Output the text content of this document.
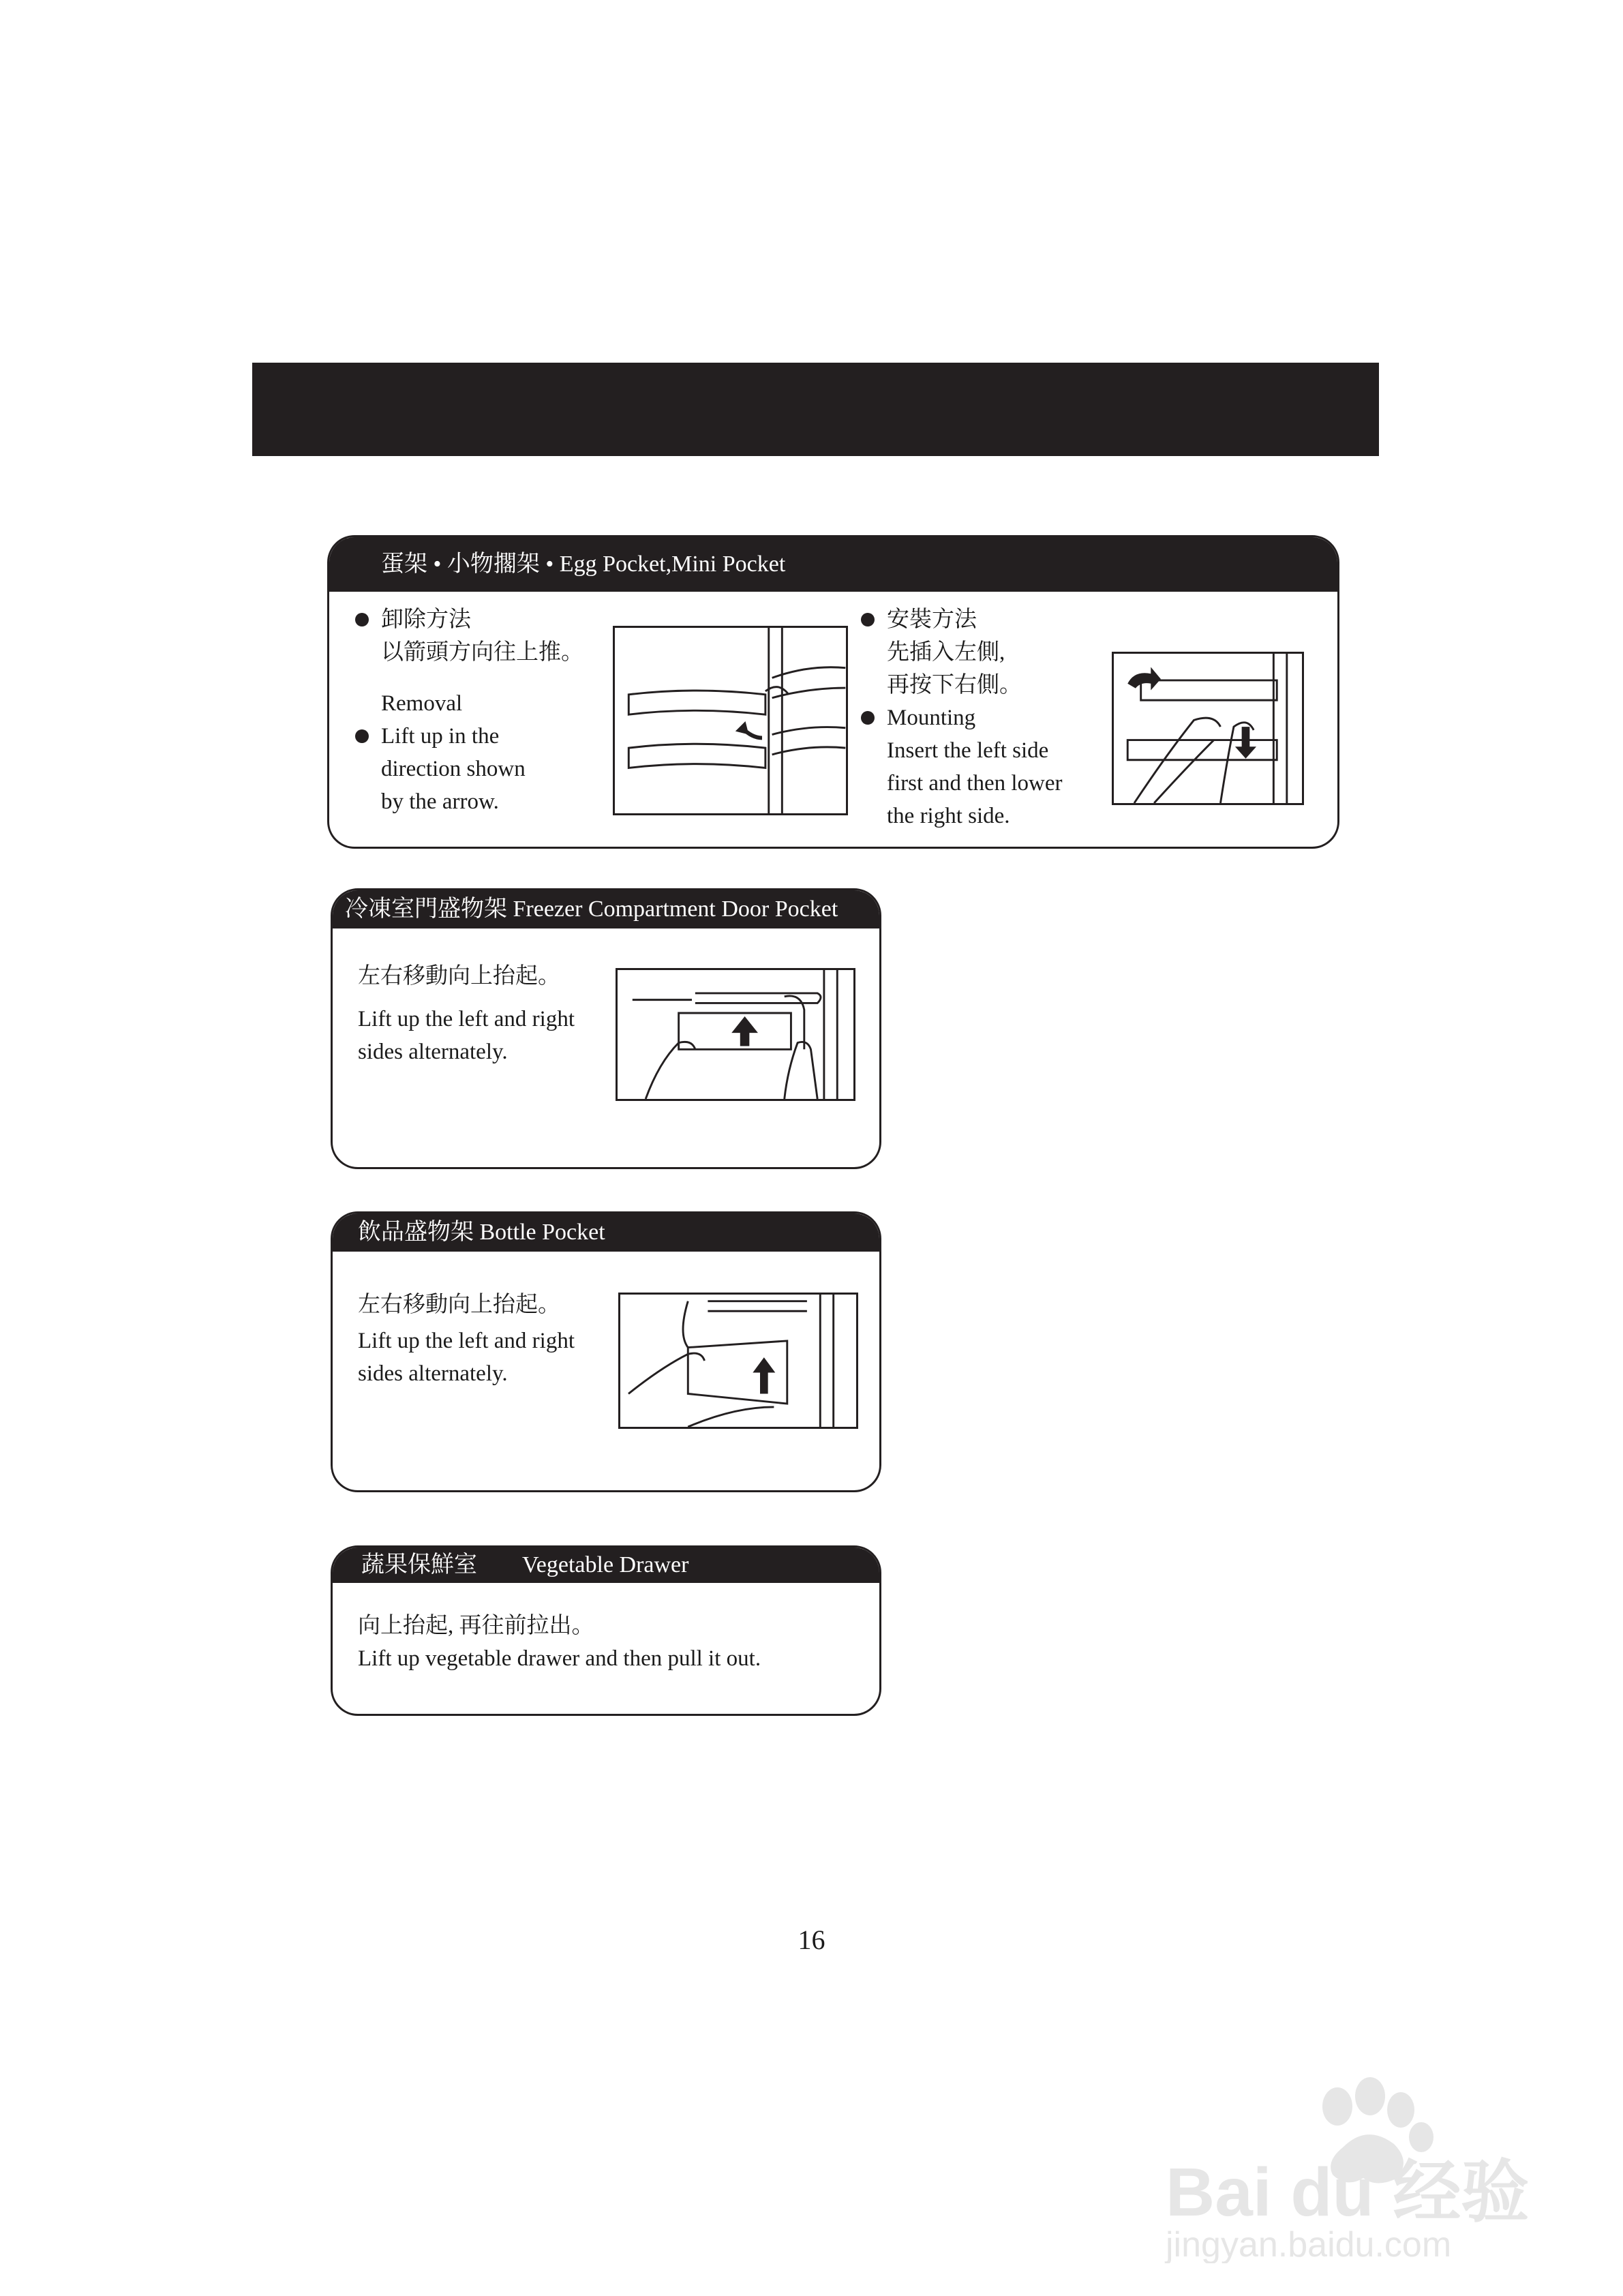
蛋架 • 小物擱架 • Egg Pocket,Mini Pocket
卸除方法
以箭頭方向往上推。
Removal
Lift up in the
direction shown
by the arrow.
安裝方法
先插入左側,
再按下右側。
Mounting
Insert the left side
first and then lower
the right side.
冷凍室門盛物架 Freezer Compartment Door Pocket
左右移動向上抬起。
Lift up the left and right
sides alternately.
飲品盛物架 Bottle Pocket
左右移動向上抬起。
Lift up the left and right
sides alternately.
蔬果保鮮室 Vegetable Drawer
向上抬起, 再往前拉出。
Lift up vegetable drawer and then pull it out.
16
Bai du 经验
jingyan.baidu.com
